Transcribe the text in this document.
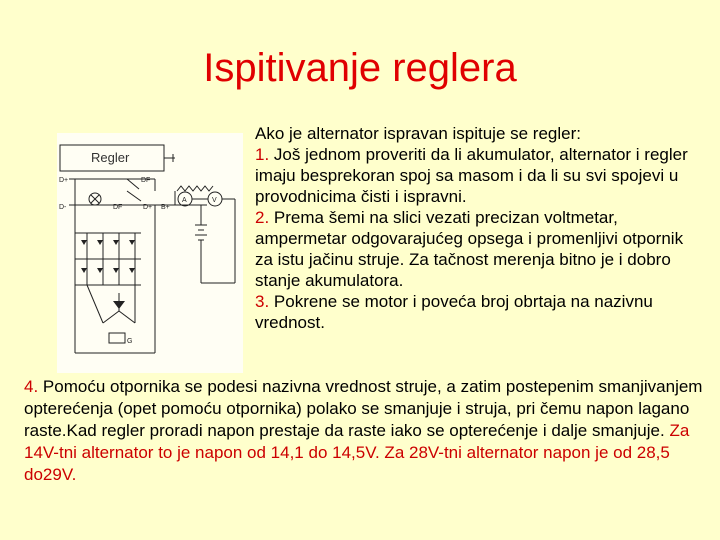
Ispitivanje reglera
Regler
D+
D-	DF
DF
D+ B+
G
A	V
Ako je alternator ispravan ispituje se regler:
1. Još jednom proveriti da li akumulator, alternator i regler imaju besprekoran spoj sa masom i da li su svi spojevi u provodnicima čisti i ispravni.
2. Prema šemi na slici vezati precizan voltmetar, ampermetar odgovarajućeg opsega i promenljivi otpornik za istu jačinu struje. Za tačnost merenja bitno je i dobro stanje akumulatora.
3. Pokrene se motor i poveća broj obrtaja na nazivnu vrednost.
4. Pomoću otpornika se podesi nazivna vrednost struje, a zatim postepenim smanjivanjem opterećenja (opet pomoću otpornika) polako se smanjuje i struja, pri čemu napon lagano raste.Kad regler proradi napon prestaje da raste iako se opterećenje i dalje smanjuje. Za 14V-tni alternator to je napon od 14,1 do 14,5V. Za 28V-tni alternator napon je od 28,5 do29V.
